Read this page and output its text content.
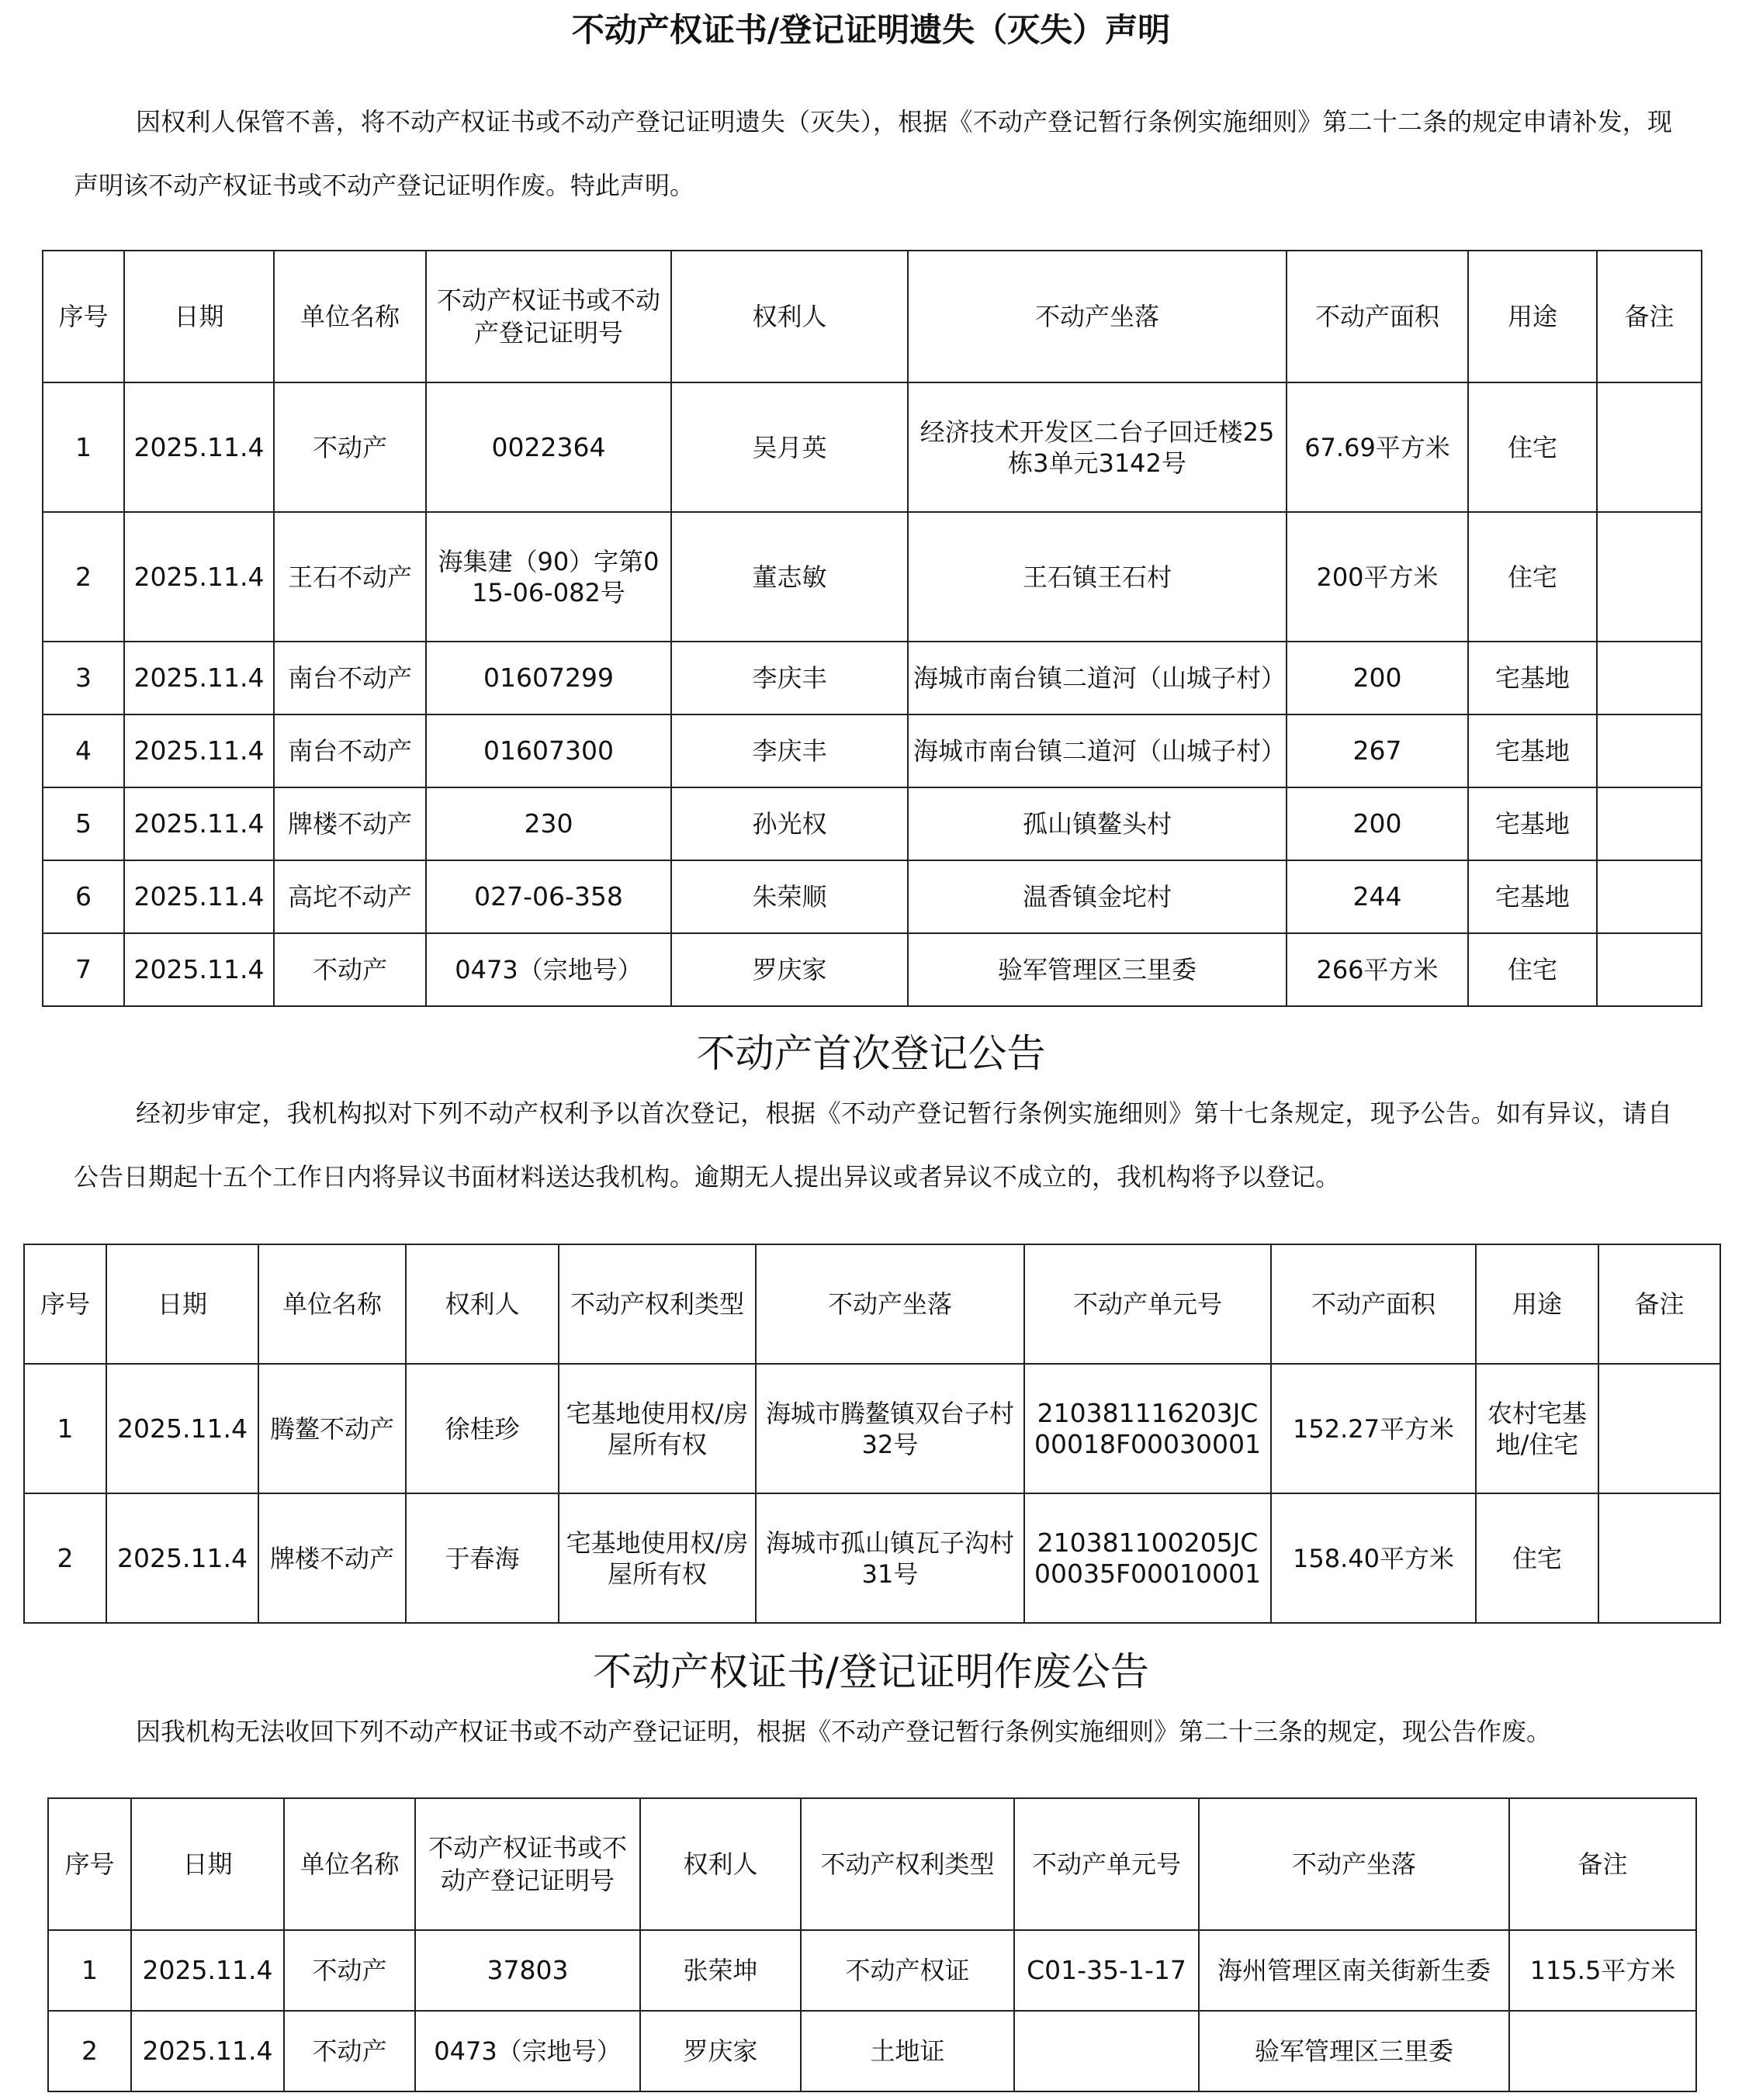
不动产权证书/登记证明遗失（灭失）声明

因权利人保管不善，将不动产权证书或不动产登记证明遗失（灭失），根据《不动产登记暂行条例实施细则》第二十二条的规定申请补发，现声明该不动产权证书或不动产登记证明作废。特此声明。

序号	日期	单位名称	不动产权证书或不动产登记证明号	权利人	不动产坐落	不动产面积	用途	备注
1	2025.11.4	不动产	0022364	吴月英	经济技术开发区二台子回迁楼25栋3单元3142号	67.69平方米	住宅	
2	2025.11.4	王石不动产	海集建（90）字第015-06-082号	董志敏	王石镇王石村	200平方米	住宅	
3	2025.11.4	南台不动产	01607299	李庆丰	海城市南台镇二道河（山城子村）	200	宅基地	
4	2025.11.4	南台不动产	01607300	李庆丰	海城市南台镇二道河（山城子村）	267	宅基地	
5	2025.11.4	牌楼不动产	230	孙光权	孤山镇鳌头村	200	宅基地	
6	2025.11.4	高坨不动产	027-06-358	朱荣顺	温香镇金坨村	244	宅基地	
7	2025.11.4	不动产	0473（宗地号）	罗庆家	验军管理区三里委	266平方米	住宅	
不动产首次登记公告

经初步审定，我机构拟对下列不动产权利予以首次登记，根据《不动产登记暂行条例实施细则》第十七条规定，现予公告。如有异议，请自公告日期起十五个工作日内将异议书面材料送达我机构。逾期无人提出异议或者异议不成立的，我机构将予以登记。

序号	日期	单位名称	权利人	不动产权利类型	不动产坐落	不动产单元号	不动产面积	用途	备注
1	2025.11.4	腾鳌不动产	徐桂珍	宅基地使用权/房屋所有权	海城市腾鳌镇双台子村32号	210381116203JC00018F00030001	152.27平方米	农村宅基地/住宅	
2	2025.11.4	牌楼不动产	于春海	宅基地使用权/房屋所有权	海城市孤山镇瓦子沟村31号	210381100205JC00035F00010001	158.40平方米	住宅	
不动产权证书/登记证明作废公告

因我机构无法收回下列不动产权证书或不动产登记证明，根据《不动产登记暂行条例实施细则》第二十三条的规定，现公告作废。

序号	日期	单位名称	不动产权证书或不动产登记证明号	权利人	不动产权利类型	不动产单元号	不动产坐落	备注
1	2025.11.4	不动产	37803	张荣坤	不动产权证	C01-35-1-17	海州管理区南关街新生委	115.5平方米
2	2025.11.4	不动产	0473（宗地号）	罗庆家	土地证		验军管理区三里委	
